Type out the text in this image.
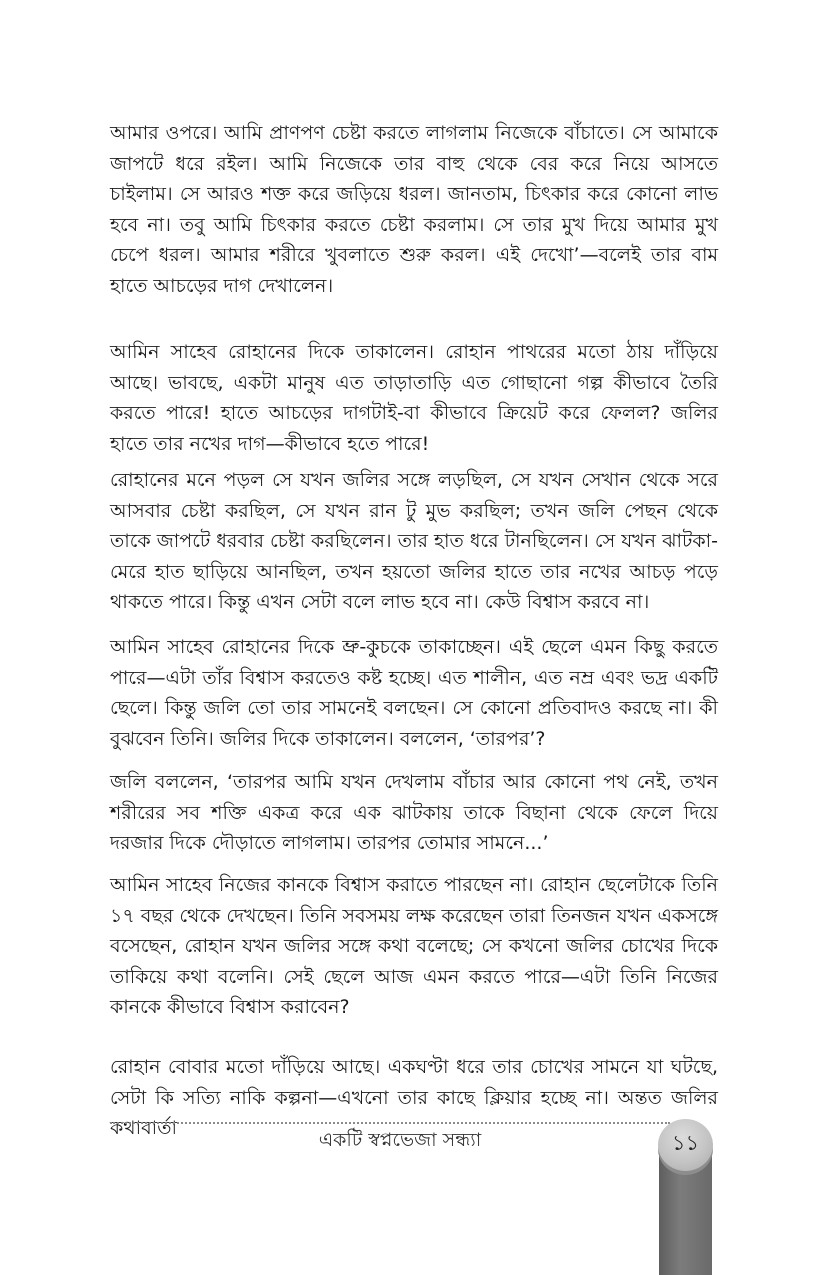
আমার ওপরে। আমি প্রাণপণ চেষ্টা করতে লাগলাম নিজেকে বাঁচাতে। সে আমাকে জাপটে ধরে রইল। আমি নিজেকে তার বাহু থেকে বের করে নিয়ে আসতে চাইলাম। সে আরও শক্ত করে জড়িয়ে ধরল। জানতাম, চিৎকার করে কোনো লাভ হবে না। তবু আমি চিৎকার করতে চেষ্টা করলাম। সে তার মুখ দিয়ে আমার মুখ চেপে ধরল। আমার শরীরে খুবলাতে শুরু করল। এই দেখো’—বলেই তার বাম হাতে আচড়ের দাগ দেখালেন।

আমিন সাহেব রোহানের দিকে তাকালেন। রোহান পাথরের মতো ঠায় দাঁড়িয়ে আছে। ভাবছে, একটা মানুষ এত তাড়াতাড়ি এত গোছানো গল্প কীভাবে তৈরি করতে পারে! হাতে আচড়ের দাগটাই-বা কীভাবে ক্রিয়েট করে ফেলল? জলির হাতে তার নখের দাগ—কীভাবে হতে পারে!

রোহানের মনে পড়ল সে যখন জলির সঙ্গে লড়ছিল, সে যখন সেখান থেকে সরে আসবার চেষ্টা করছিল, সে যখন রান টু মুভ করছিল; তখন জলি পেছন থেকে তাকে জাপটে ধরবার চেষ্টা করছিলেন। তার হাত ধরে টানছিলেন। সে যখন ঝাটকা-মেরে হাত ছাড়িয়ে আনছিল, তখন হয়তো জলির হাতে তার নখের আচড় পড়ে থাকতে পারে। কিন্তু এখন সেটা বলে লাভ হবে না। কেউ বিশ্বাস করবে না।

আমিন সাহেব রোহানের দিকে ভ্রু-কুচকে তাকাচ্ছেন। এই ছেলে এমন কিছু করতে পারে—এটা তাঁর বিশ্বাস করতেও কষ্ট হচ্ছে। এত শালীন, এত নম্র এবং ভদ্র একটি ছেলে। কিন্তু জলি তো তার সামনেই বলছেন। সে কোনো প্রতিবাদও করছে না। কী বুঝবেন তিনি। জলির দিকে তাকালেন। বললেন, ‘তারপর’?

জলি বললেন, ‘তারপর আমি যখন দেখলাম বাঁচার আর কোনো পথ নেই, তখন শরীরের সব শক্তি একত্র করে এক ঝাটকায় তাকে বিছানা থেকে ফেলে দিয়ে দরজার দিকে দৌড়াতে লাগলাম। তারপর তোমার সামনে...’

আমিন সাহেব নিজের কানকে বিশ্বাস করাতে পারছেন না। রোহান ছেলেটাকে তিনি ১৭ বছর থেকে দেখছেন। তিনি সবসময় লক্ষ করেছেন তারা তিনজন যখন একসঙ্গে বসেছেন, রোহান যখন জলির সঙ্গে কথা বলেছে; সে কখনো জলির চোখের দিকে তাকিয়ে কথা বলেনি। সেই ছেলে আজ এমন করতে পারে—এটা তিনি নিজের কানকে কীভাবে বিশ্বাস করাবেন?

রোহান বোবার মতো দাঁড়িয়ে আছে। একঘণ্টা ধরে তার চোখের সামনে যা ঘটছে, সেটা কি সত্যি নাকি কল্পনা—এখনো তার কাছে ক্লিয়ার হচ্ছে না। অন্তত জলির কথাবার্তা

একটি স্বপ্নভেজা সন্ধ্যা	১১
